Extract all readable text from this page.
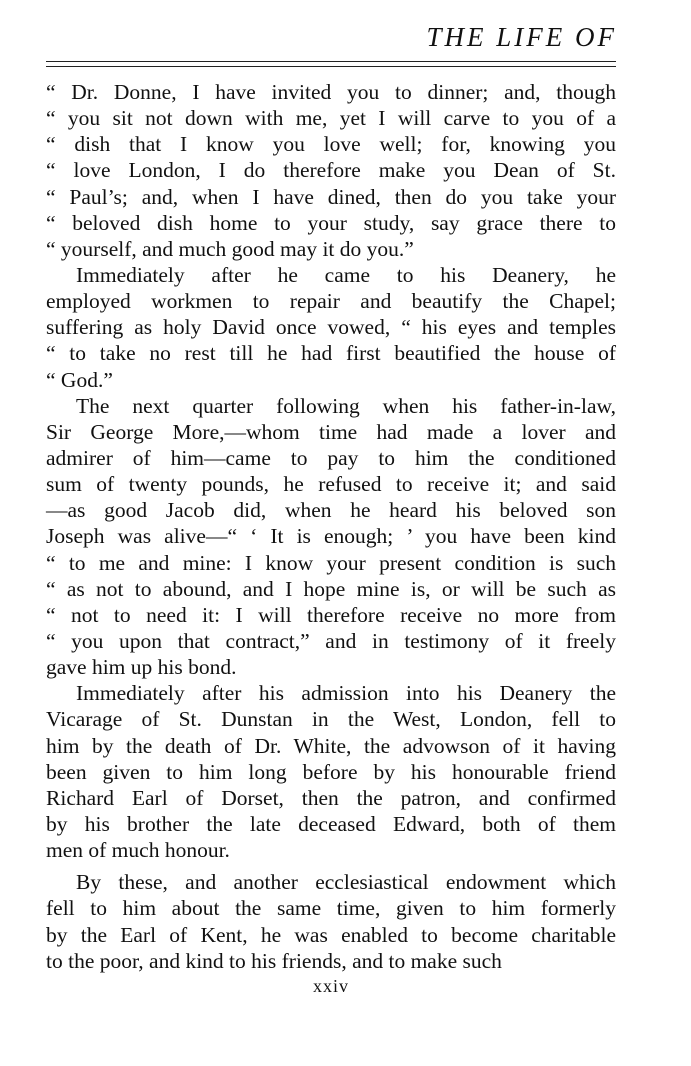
THE LIFE OF
“ Dr. Donne, I have invited you to dinner; and, though
“ you sit not down with me, yet I will carve to you of a
“ dish that I know you love well; for, knowing you
“ love London, I do therefore make you Dean of St.
“ Paul’s; and, when I have dined, then do you take your
“ beloved dish home to your study, say grace there to
“ yourself, and much good may it do you.”
Immediately after he came to his Deanery, he
employed workmen to repair and beautify the Chapel;
suffering as holy David once vowed, “ his eyes and temples
“ to take no rest till he had first beautified the house of
“ God.”
The next quarter following when his father-in-law,
Sir George More,—whom time had made a lover and
admirer of him—came to pay to him the conditioned
sum of twenty pounds, he refused to receive it; and said
—as good Jacob did, when he heard his beloved son
Joseph was alive—“ ‘ It is enough; ’ you have been kind
“ to me and mine: I know your present condition is such
“ as not to abound, and I hope mine is, or will be such as
“ not to need it: I will therefore receive no more from
“ you upon that contract,” and in testimony of it freely
gave him up his bond.
Immediately after his admission into his Deanery the
Vicarage of St. Dunstan in the West, London, fell to
him by the death of Dr. White, the advowson of it having
been given to him long before by his honourable friend
Richard Earl of Dorset, then the patron, and confirmed
by his brother the late deceased Edward, both of them
men of much honour.
By these, and another ecclesiastical endowment which
fell to him about the same time, given to him formerly
by the Earl of Kent, he was enabled to become charitable
to the poor, and kind to his friends, and to make such
xxiv
